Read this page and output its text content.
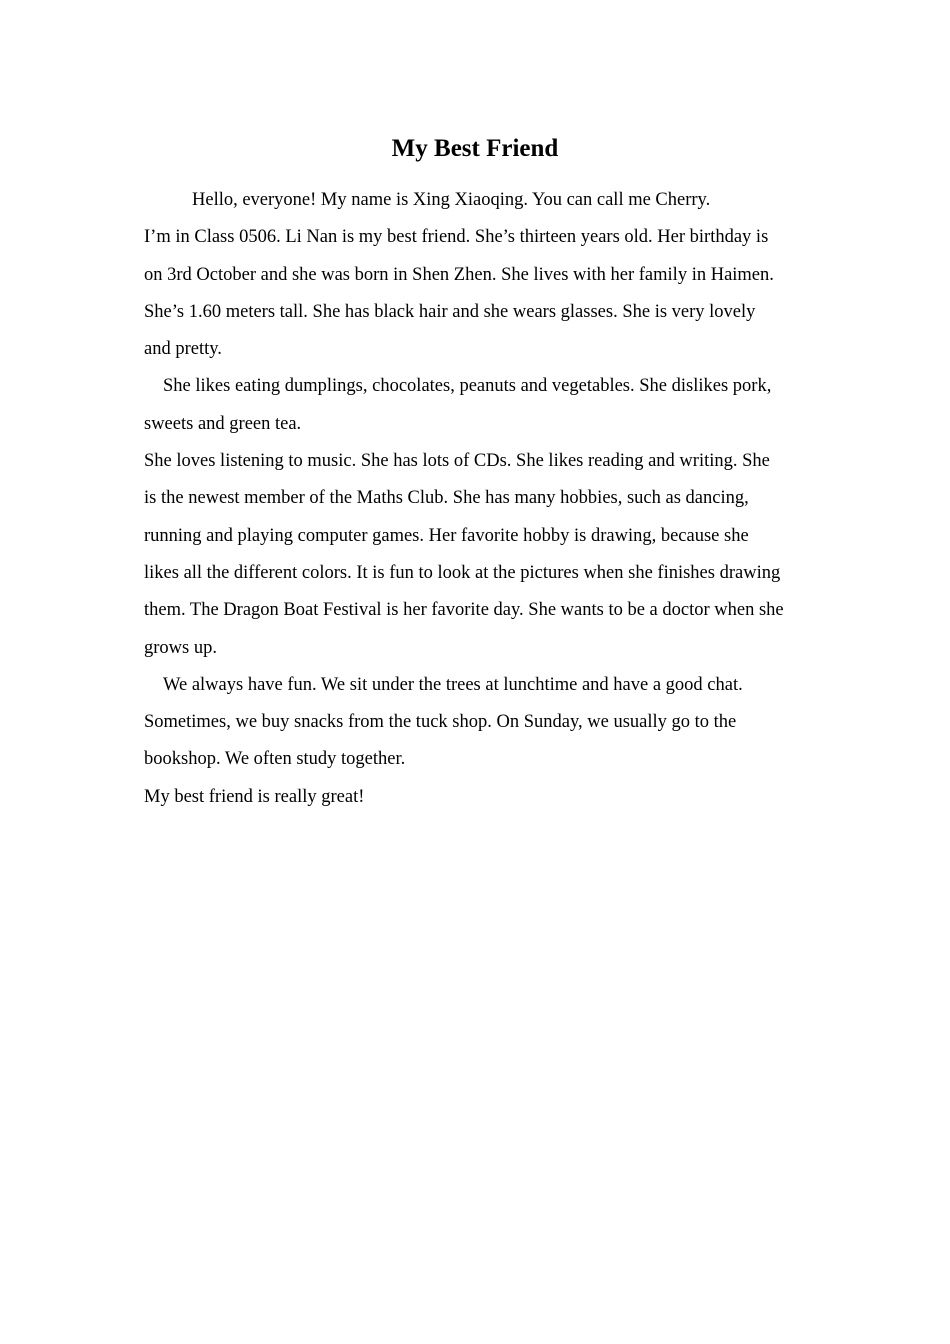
My Best Friend
Hello, everyone! My name is Xing Xiaoqing. You can call me Cherry.
I’m in Class 0506. Li Nan is my best friend. She’s thirteen years old. Her birthday is
on 3rd October and she was born in Shen Zhen. She lives with her family in Haimen.
She’s 1.60 meters tall. She has black hair and she wears glasses. She is very lovely
and pretty.
She likes eating dumplings, chocolates, peanuts and vegetables. She dislikes pork,
sweets and green tea.
She loves listening to music. She has lots of CDs. She likes reading and writing. She
is the newest member of the Maths Club. She has many hobbies, such as dancing,
running and playing computer games. Her favorite hobby is drawing, because she
likes all the different colors. It is fun to look at the pictures when she finishes drawing
them. The Dragon Boat Festival is her favorite day. She wants to be a doctor when she
grows up.
We always have fun. We sit under the trees at lunchtime and have a good chat.
Sometimes, we buy snacks from the tuck shop. On Sunday, we usually go to the
bookshop. We often study together.
My best friend is really great!
